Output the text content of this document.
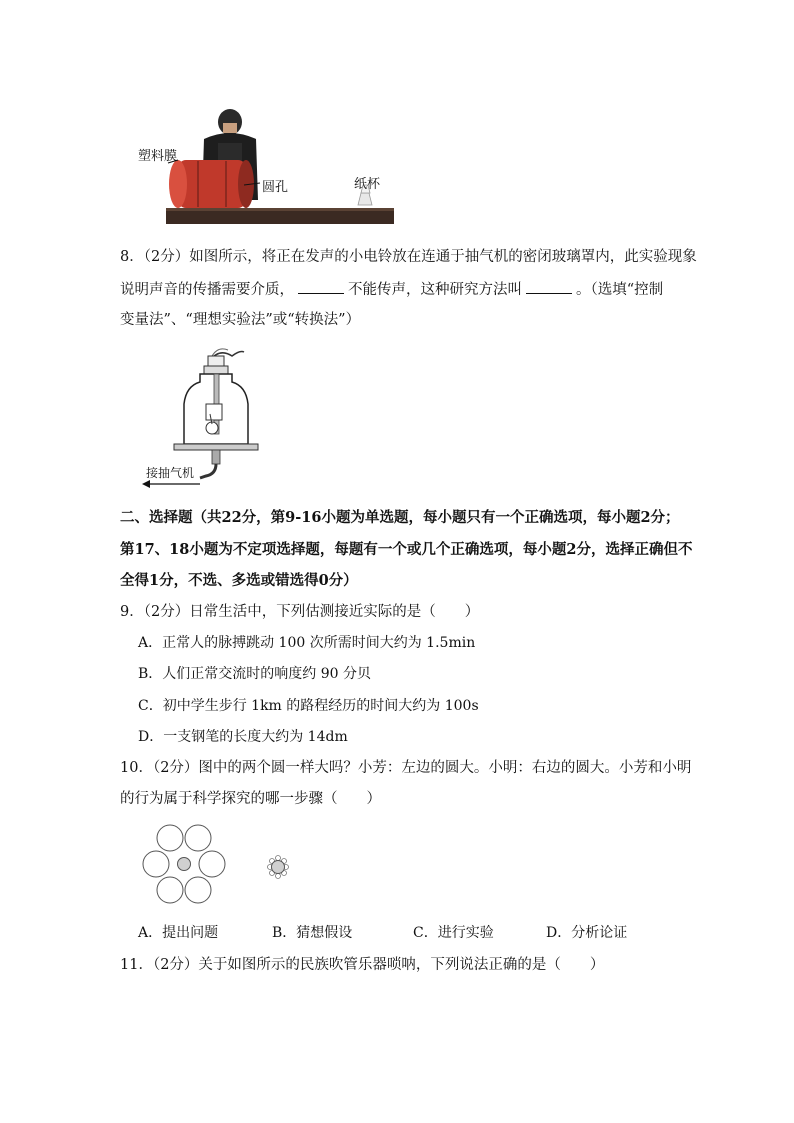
塑料膜
圆孔	纸杯
8．（2分）如图所示，将正在发声的小电铃放在连通于抽气机的密闭玻璃罩内，此实验现象
说明声音的传播需要介质，	不能传声，这种研究方法叫	。（选填“控制
变量法”、“理想实验法”或“转换法”）
接抽气机
二、选择题（共22分，第9-16小题为单选题，每小题只有一个正确选项，每小题2分；
第17、18小题为不定项选择题，每题有一个或几个正确选项，每小题2分，选择正确但不
全得1分，不选、多选或错选得0分）
9．（2分）日常生活中，下列估测接近实际的是（　　）
A．正常人的脉搏跳动 100 次所需时间大约为 1.5min
B．人们正常交流时的响度约 90 分贝
C．初中学生步行 1km 的路程经历的时间大约为 100s
D．一支钢笔的长度大约为 14dm
10．（2分）图中的两个圆一样大吗？小芳：左边的圆大。小明：右边的圆大。小芳和小明
的行为属于科学探究的哪一步骤（　　）
A．提出问题	B．猜想假设	C．进行实验	D．分析论证
11．（2分）关于如图所示的民族吹管乐器唢呐，下列说法正确的是（　　）
